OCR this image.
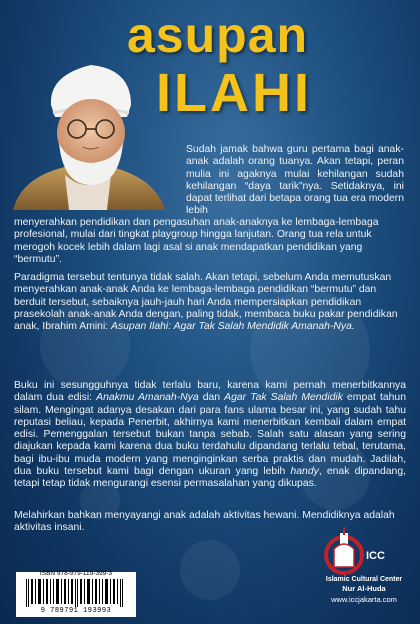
asupan
ILAHI

Sudah jamak bahwa guru pertama bagi anak-anak adalah orang tuanya. Akan tetapi, peran mulia ini agaknya mulai kehilangan sudah kehilangan “daya tarik”nya. Setidaknya, ini dapat terlihat dari betapa orang tua era modern lebih

menyerahkan pendidikan dan pengasuhan anak-anaknya ke lembaga-lembaga profesional, mulai dari tingkat playgroup hingga lanjutan. Orang tua rela untuk merogoh kocek lebih dalam lagi asal si anak mendapatkan pendidikan yang “bermutu”.

Paradigma tersebut tentunya tidak salah. Akan tetapi, sebelum Anda memutuskan menyerahkan anak-anak Anda ke lembaga-lembaga pendidikan “bermutu” dan berduit tersebut, sebaiknya jauh-jauh hari Anda mempersiapkan pendidikan prasekolah anak-anak Anda dengan, paling tidak, membaca buku pakar pendidikan anak, Ibrahim Amini: Asupan Ilahi: Agar Tak Salah Mendidik Amanah-Nya.

Buku ini sesungguhnya tidak terlalu baru, karena kami pernah menerbitkannya dalam dua edisi: Anakmu Amanah-Nya dan Agar Tak Salah Mendidik empat tahun silam. Mengingat adanya desakan dari para fans ulama besar ini, yang sudah tahu reputasi beliau, kepada Penerbit, akhirnya kami menerbitkan kembali dalam empat edisi. Pemenggalan tersebut bukan tanpa sebab. Salah satu alasan yang sering diajukan kepada kami karena dua buku terdahulu dipandang terlalu tebal, terutama, bagi ibu-ibu muda modern yang menginginkan serba praktis dan mudah. Jadilah, dua buku tersebut kami bagi dengan ukuran yang lebih handy, enak dipandang, tetapi tetap tidak mengurangi esensi permasalahan yang dikupas.

Melahirkan bahkan menyayangi anak adalah aktivitas hewani. Mendidiknya adalah aktivitas insani.

ISBN 978-979-119-399-3
9 789791 193993
ICC
Islamic Cultural Center
Nur Al-Huda
www.iccjakarta.com
